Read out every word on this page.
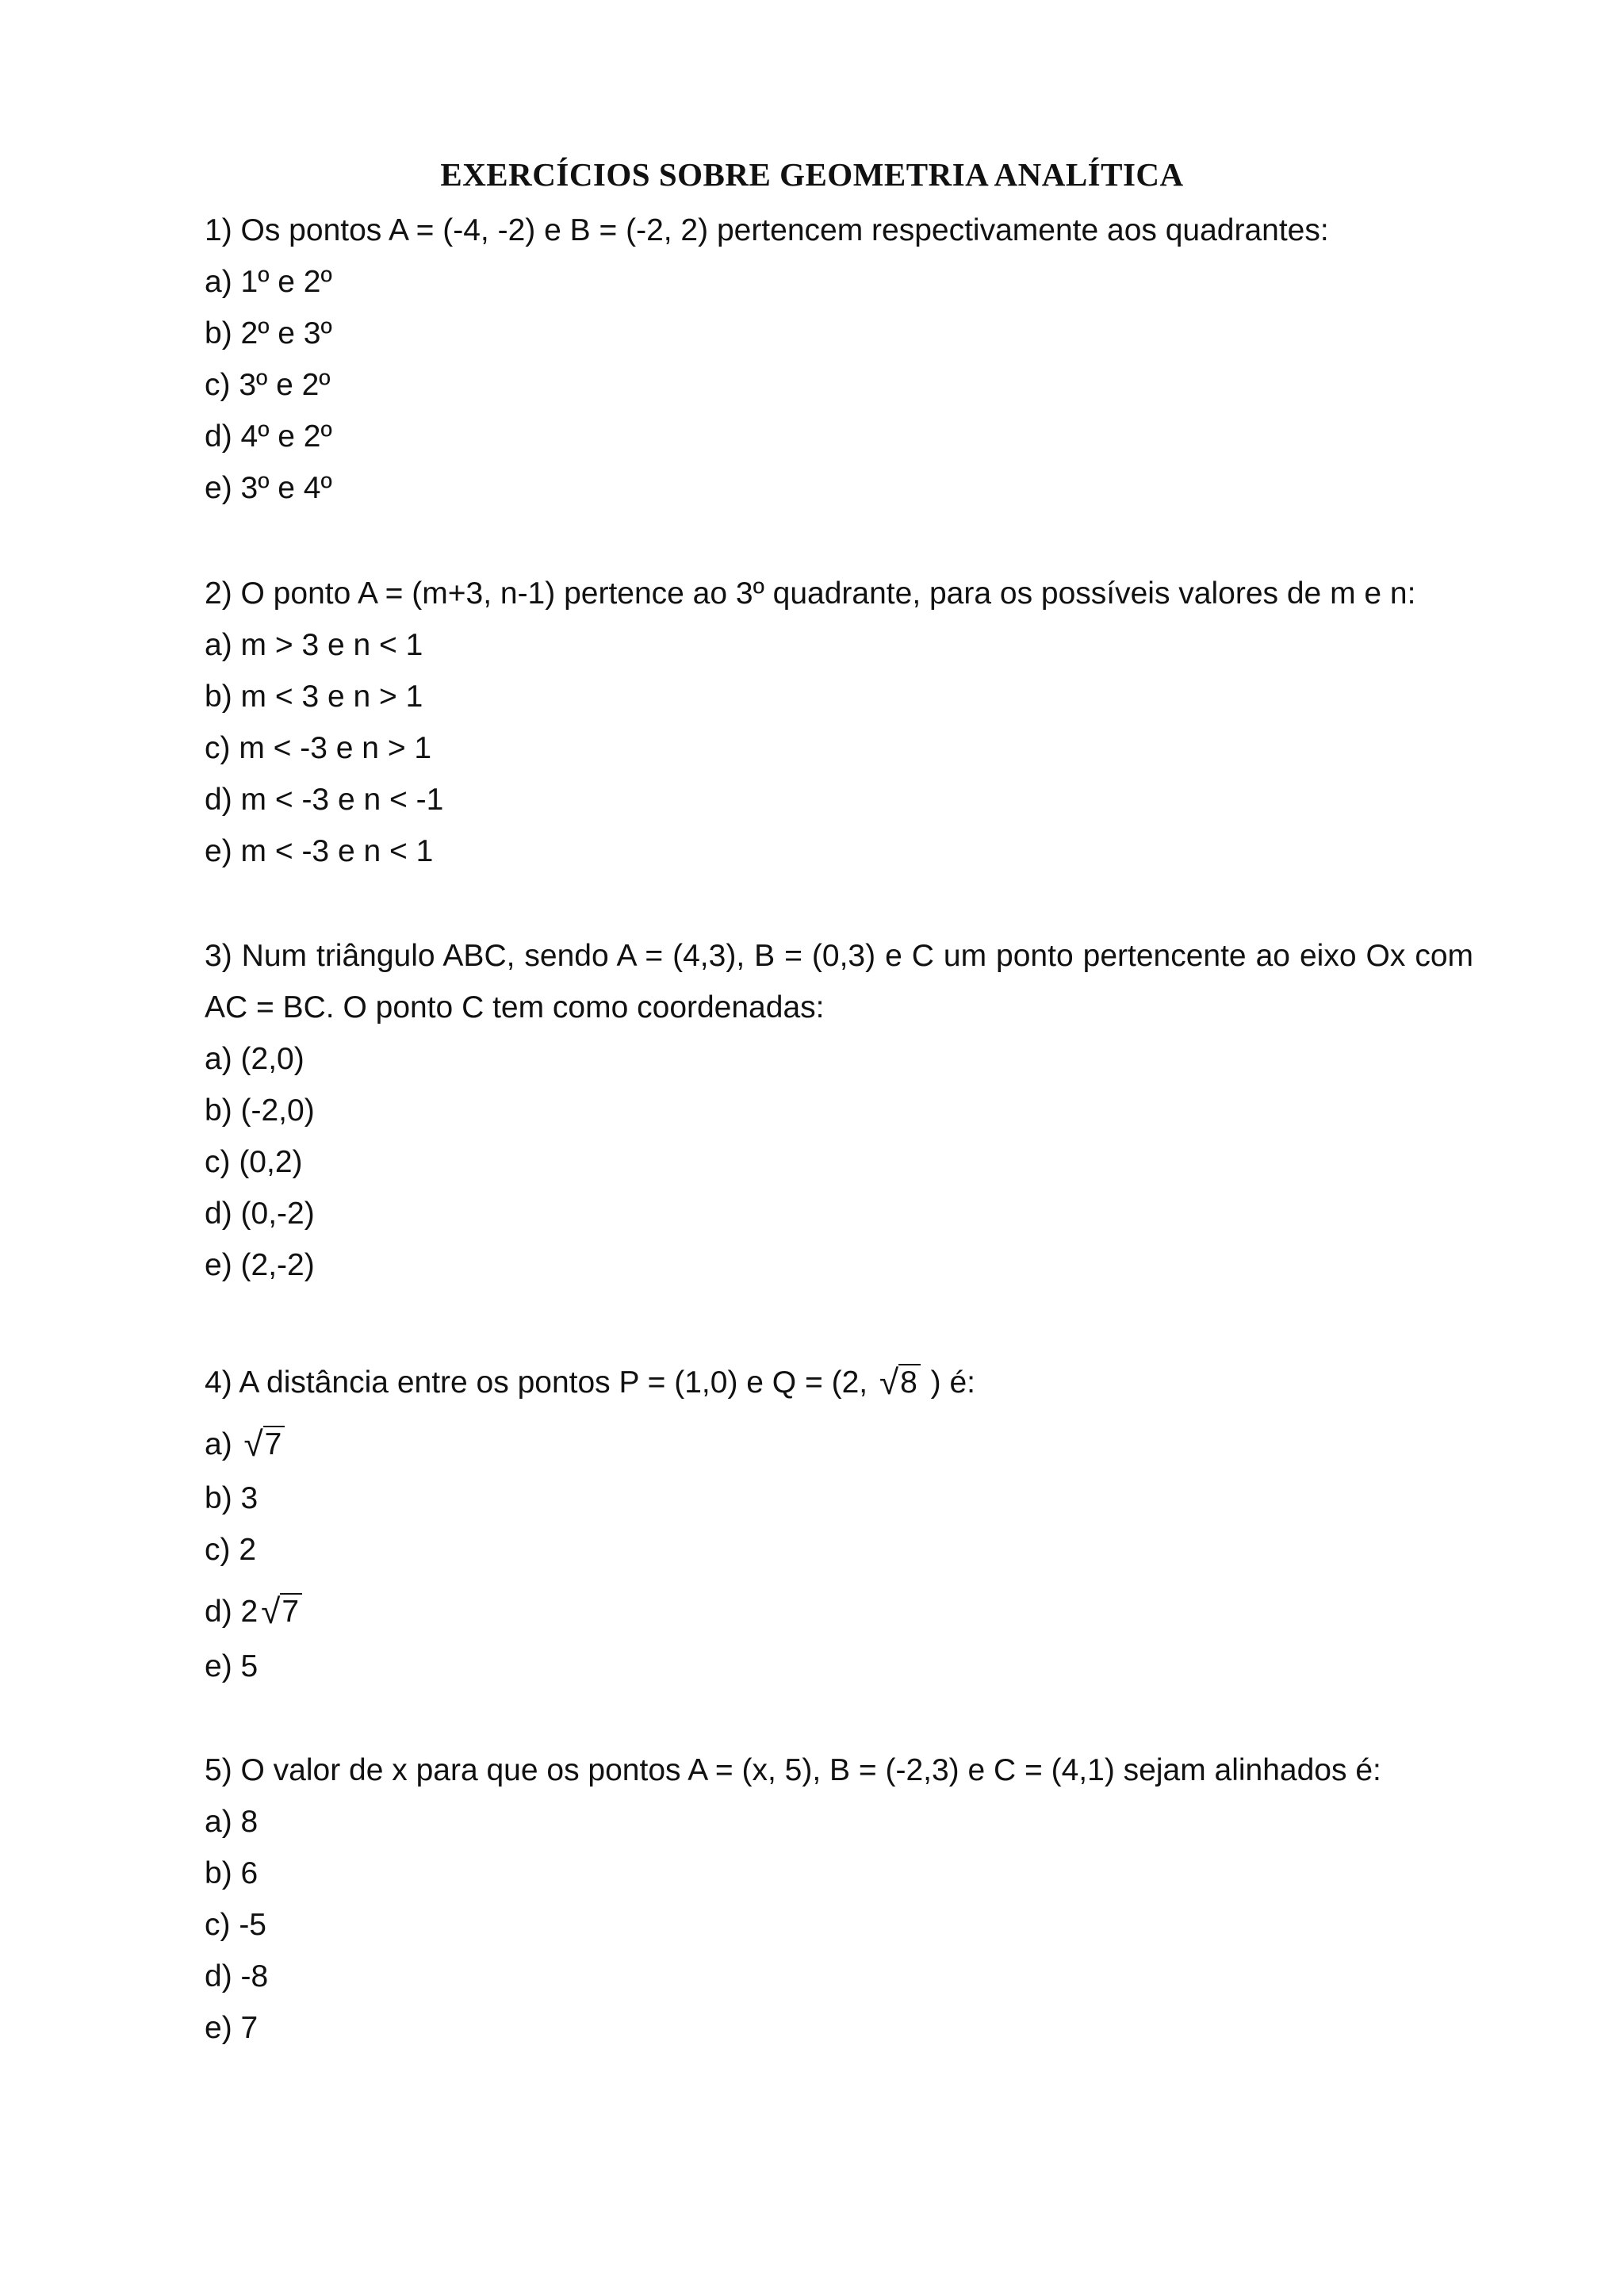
EXERCÍCIOS SOBRE GEOMETRIA ANALÍTICA
1) Os pontos A = (-4, -2) e B = (-2, 2) pertencem respectivamente aos quadrantes:
a) 1º e 2º
b) 2º e 3º
c) 3º e 2º
d) 4º e 2º
e) 3º e 4º
2) O ponto A = (m+3, n-1) pertence ao 3º quadrante, para os possíveis valores de m e n:
a) m > 3 e n < 1
b) m < 3 e n > 1
c) m < -3 e n > 1
d) m < -3 e n < -1
e) m < -3 e n < 1
3) Num triângulo ABC, sendo A = (4,3), B = (0,3) e C um ponto pertencente ao eixo Ox com
AC = BC. O ponto C tem como coordenadas:
a) (2,0)
b) (-2,0)
c) (0,2)
d) (0,-2)
e) (2,-2)
4) A distância entre os pontos P = (1,0) e Q = (2, √8 ) é:
a) √7
b) 3
c) 2
d) 2√7
e) 5
5) O valor de x para que os pontos A = (x, 5), B = (-2,3) e C = (4,1) sejam alinhados é:
a) 8
b) 6
c) -5
d) -8
e) 7
